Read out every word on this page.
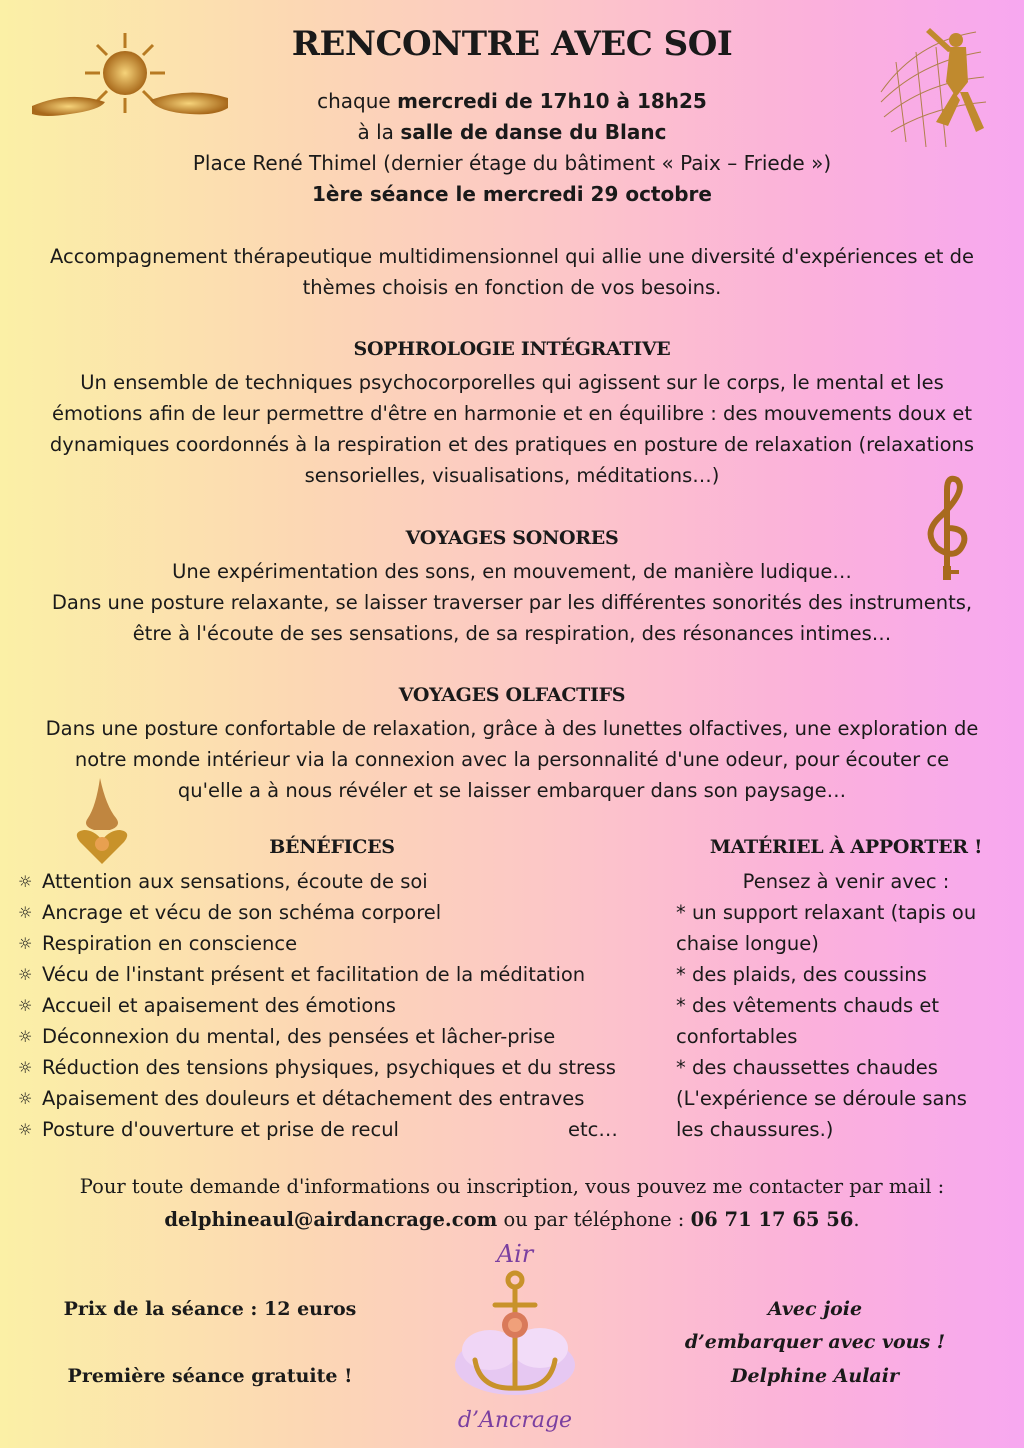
RENCONTRE AVEC SOI
chaque mercredi de 17h10 à 18h25
à la salle de danse du Blanc
Place René Thimel (dernier étage du bâtiment « Paix – Friede »)
1ère séance le mercredi 29 octobre
Accompagnement thérapeutique multidimensionnel qui allie une diversité d'expériences et de
thèmes choisis en fonction de vos besoins.
SOPHROLOGIE INTÉGRATIVE
Un ensemble de techniques psychocorporelles qui agissent sur le corps, le mental et les
émotions afin de leur permettre d'être en harmonie et en équilibre : des mouvements doux et
dynamiques coordonnés à la respiration et des pratiques en posture de relaxation (relaxations
sensorielles, visualisations, méditations…)
VOYAGES SONORES
Une expérimentation des sons, en mouvement, de manière ludique…
Dans une posture relaxante, se laisser traverser par les différentes sonorités des instruments,
être à l'écoute de ses sensations, de sa respiration, des résonances intimes…
VOYAGES OLFACTIFS
Dans une posture confortable de relaxation, grâce à des lunettes olfactives, une exploration de
notre monde intérieur via la connexion avec la personnalité d'une odeur, pour écouter ce
qu'elle a à nous révéler et se laisser embarquer dans son paysage…
BÉNÉFICES
☼ Attention aux sensations, écoute de soi
☼ Ancrage et vécu de son schéma corporel
☼ Respiration en conscience
☼ Vécu de l'instant présent et facilitation de la méditation
☼ Accueil et apaisement des émotions
☼ Déconnexion du mental, des pensées et lâcher-prise
☼ Réduction des tensions physiques, psychiques et du stress
☼ Apaisement des douleurs et détachement des entraves
☼ Posture d'ouverture et prise de recul	etc…
MATÉRIEL À APPORTER !
Pensez à venir avec :
* un support relaxant (tapis ou
chaise longue)
* des plaids, des coussins
* des vêtements chauds et
confortables
* des chaussettes chaudes
(L'expérience se déroule sans
les chaussures.)
Pour toute demande d'informations ou inscription, vous pouvez me contacter par mail :
delphineaul@airdancrage.com ou par téléphone : 06 71 17 65 56.
Prix de la séance : 12 euros
Première séance gratuite !
Air
d’Ancrage
Avec joie
d’embarquer avec vous !
Delphine Aulair
